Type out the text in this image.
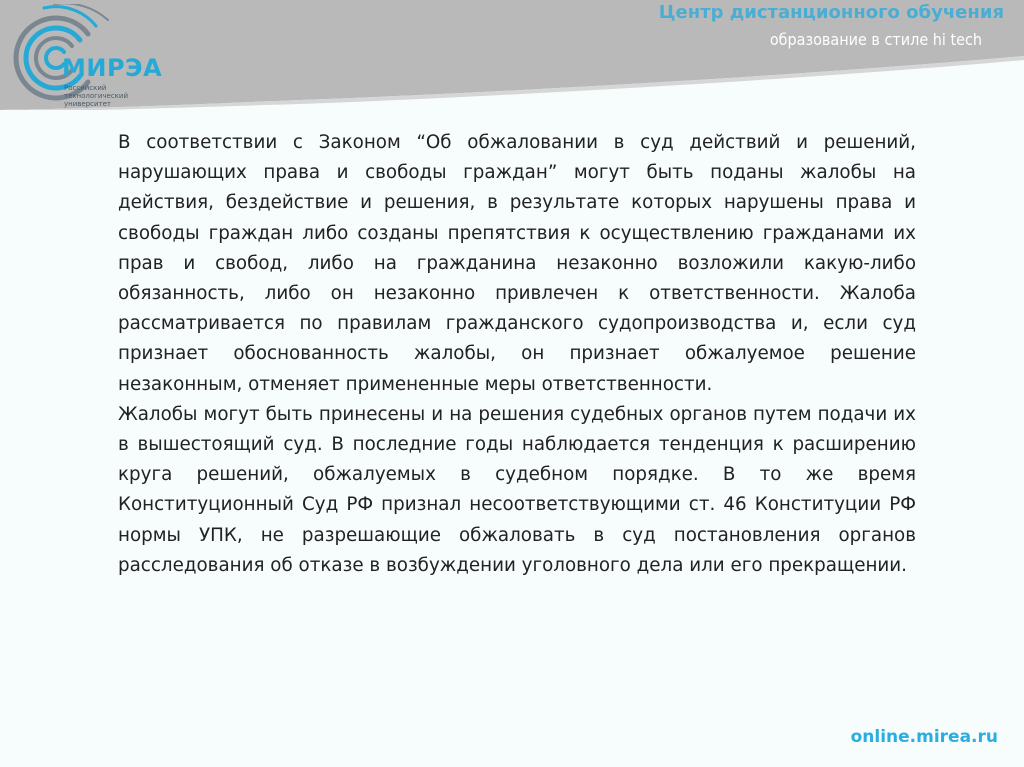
МИРЭА
Российский технологический университет
Центр дистанционного обучения
образование в стиле hi tech

В соответствии с Законом “Об обжаловании в суд действий и решений, нарушающих права и свободы граждан” могут быть поданы жалобы на действия, бездействие и решения, в результате которых нарушены права и свободы граждан либо созданы препятствия к осуществлению гражданами их прав и свобод, либо на гражданина незаконно возложили какую-либо обязанность, либо он незаконно привлечен к ответственности. Жалоба рассматривается по правилам гражданского судопроизводства и, если суд признает обоснованность жалобы, он признает обжалуемое решение незаконным, отменяет примененные меры ответственности.

Жалобы могут быть принесены и на решения судебных органов путем подачи их в вышестоящий суд. В последние годы наблюдается тенденция к расширению круга решений, обжалуемых в судебном порядке. В то же время Конституционный Суд РФ признал несоответствующими ст. 46 Конституции РФ нормы УПК, не разрешающие обжаловать в суд постановления органов расследования об отказе в возбуждении уголовного дела или его прекращении.

online.mirea.ru
